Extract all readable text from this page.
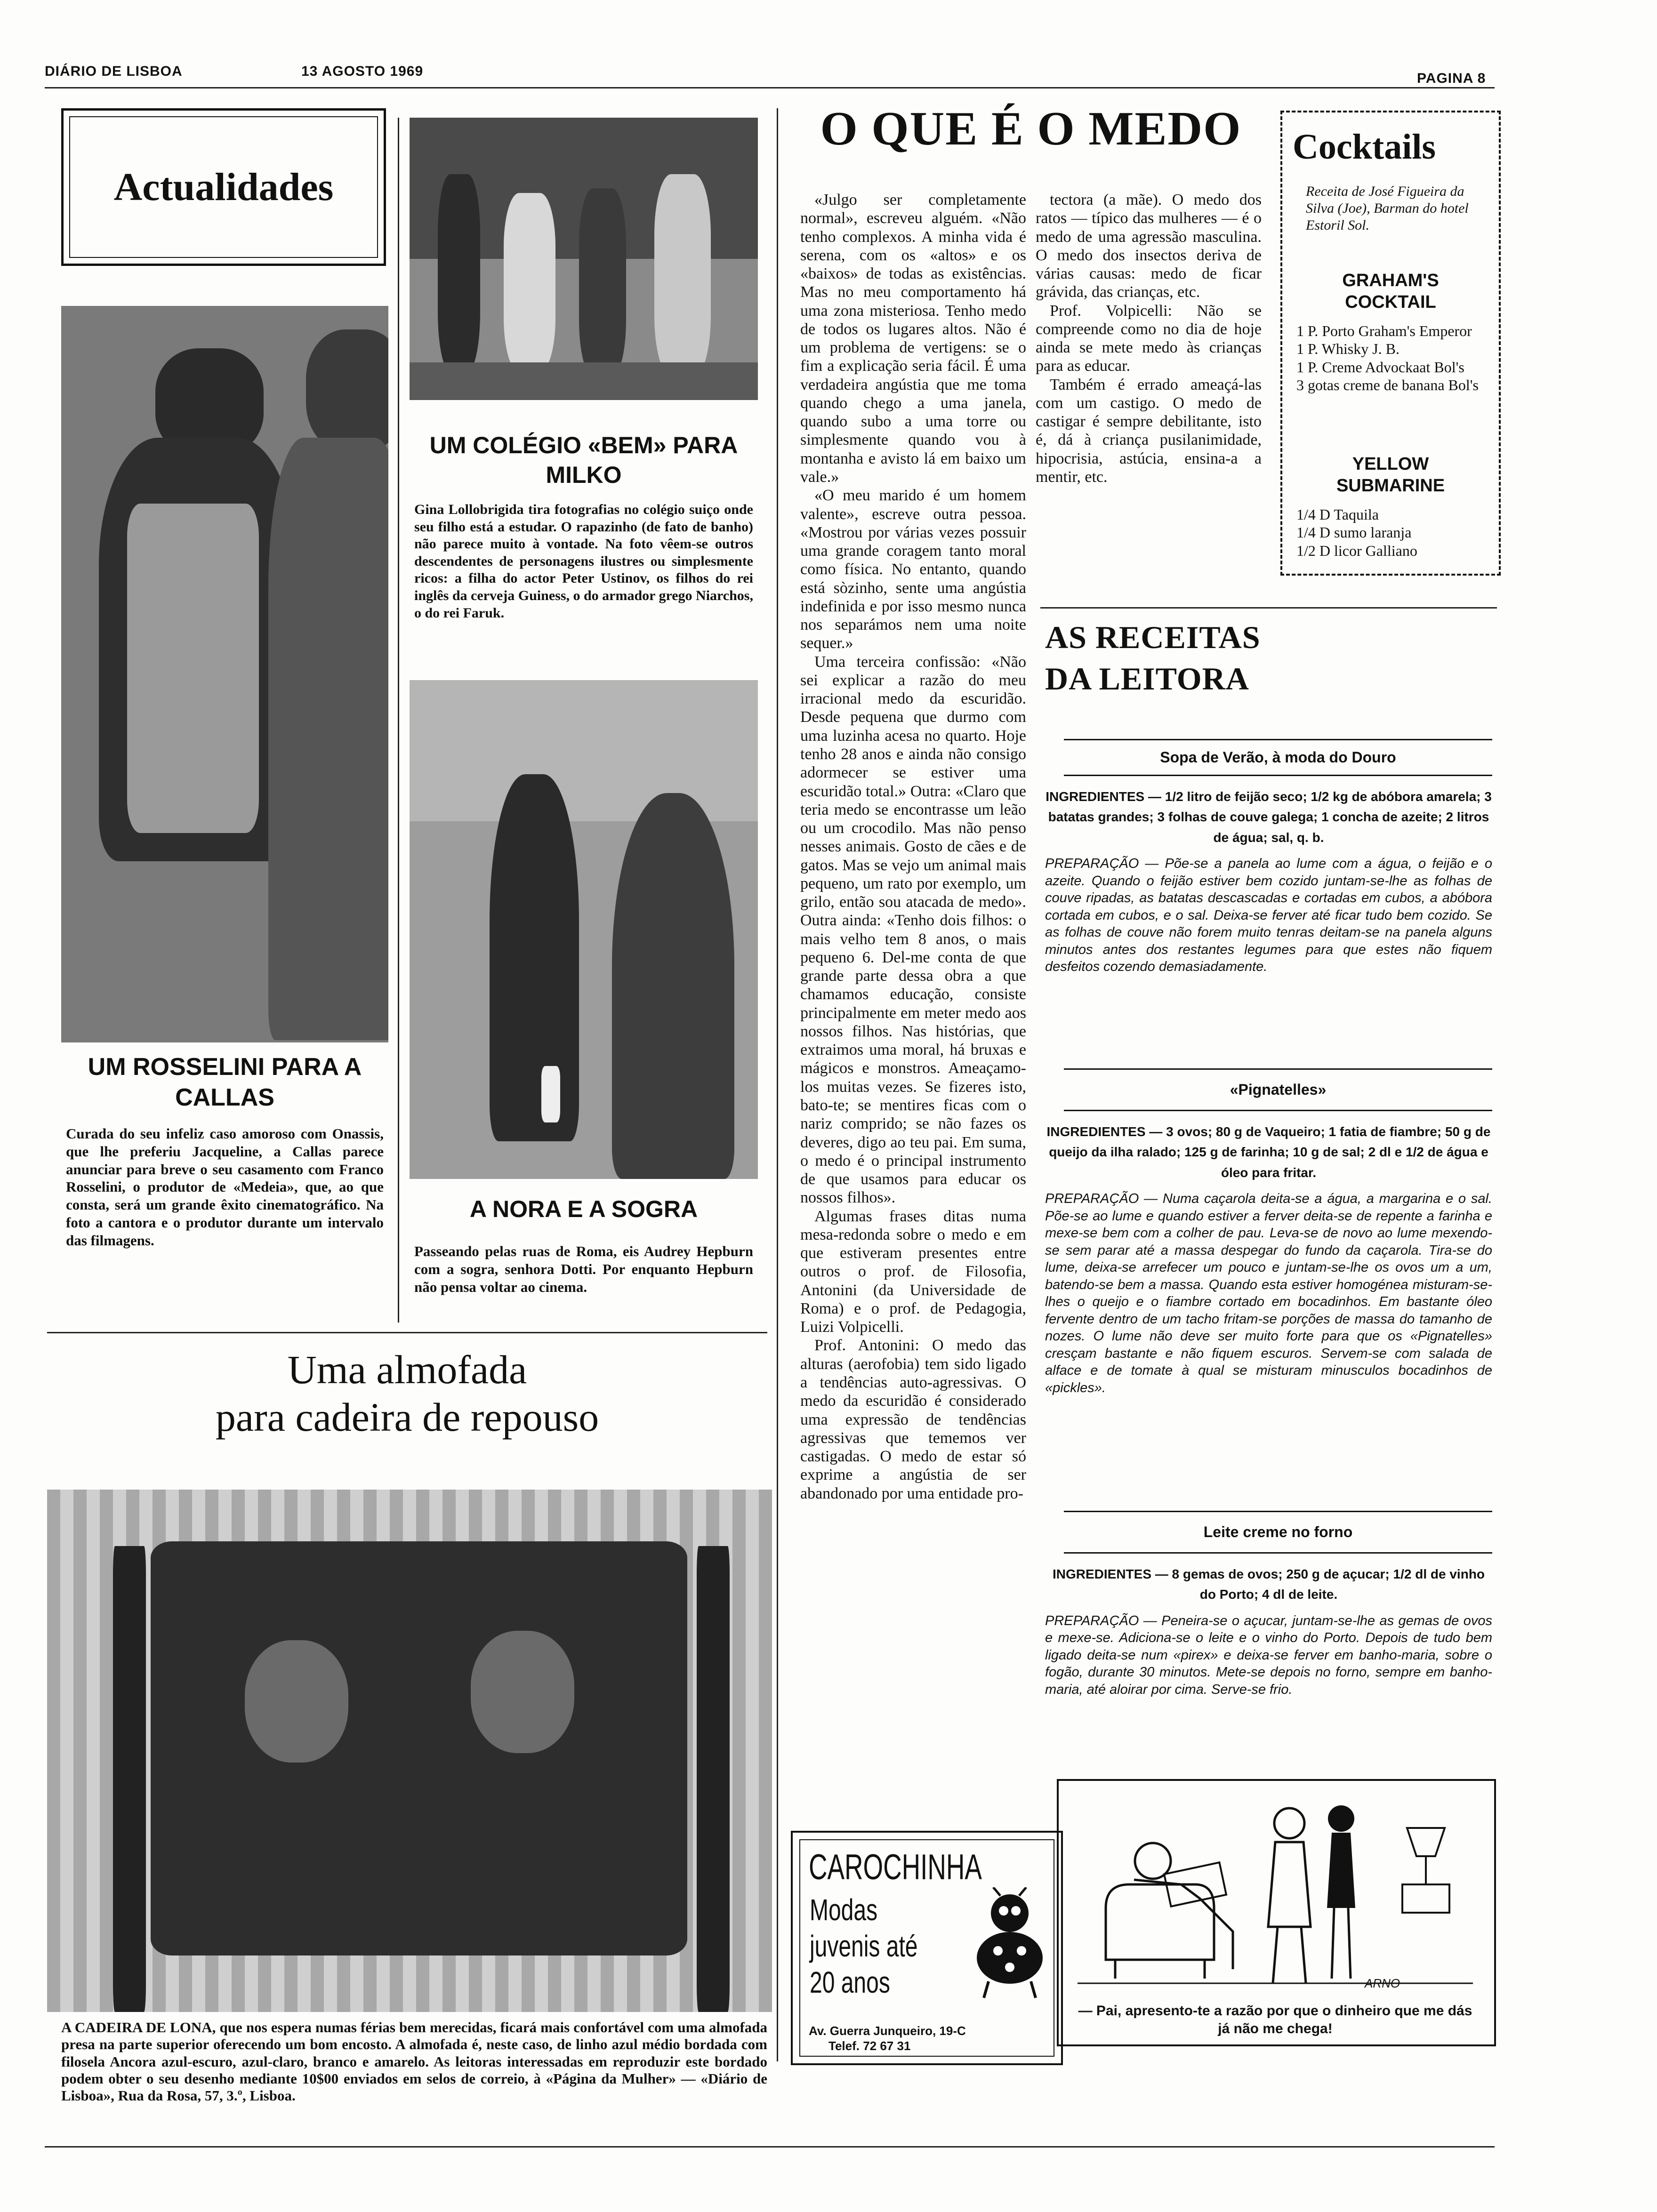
DIÁRIO DE LISBOA	13 AGOSTO 1969	PAGINA 8
Actualidades
UM ROSSELINI PARA A CALLAS
Curada do seu infeliz caso amoroso com Onassis, que lhe preferiu Jacqueline, a Callas parece anunciar para breve o seu casamento com Franco Rosselini, o produtor de «Medeia», que, ao que consta, será um grande êxito cinematográfico. Na foto a cantora e o produtor durante um intervalo das filmagens.
UM COLÉGIO «BEM» PARA MILKO
Gina Lollobrigida tira fotografias no colégio suiço onde seu filho está a estudar. O rapazinho (de fato de banho) não parece muito à vontade. Na foto vêem-se outros descendentes de personagens ilustres ou simplesmente ricos: a filha do actor Peter Ustinov, os filhos do rei inglês da cerveja Guiness, o do armador grego Niarchos, o do rei Faruk.
A NORA E A SOGRA
Passeando pelas ruas de Roma, eis Audrey Hepburn com a sogra, senhora Dotti. Por enquanto Hepburn não pensa voltar ao cinema.
Uma almofada
para cadeira de repouso
A CADEIRA DE LONA, que nos espera numas férias bem merecidas, ficará mais confortável com uma almofada presa na parte superior oferecendo um bom encosto. A almofada é, neste caso, de linho azul médio bordada com filosela Ancora azul-escuro, azul-claro, branco e amarelo. As leitoras interessadas em reproduzir este bordado podem obter o seu desenho mediante 10$00 enviados em selos de correio, à «Página da Mulher» — «Diário de Lisboa», Rua da Rosa, 57, 3.º, Lisboa.
O QUE É O MEDO

«Julgo ser completamente normal», escreveu alguém. «Não tenho complexos. A minha vida é serena, com os «altos» e os «baixos» de todas as existências. Mas no meu comportamento há uma zona misteriosa. Tenho medo de todos os lugares altos. Não é um problema de vertigens: se o fim a explicação seria fácil. É uma verdadeira angústia que me toma quando chego a uma janela, quando subo a uma torre ou simplesmente quando vou à montanha e avisto lá em baixo um vale.»

«O meu marido é um homem valente», escreve outra pessoa. «Mostrou por várias vezes possuir uma grande coragem tanto moral como física. No entanto, quando está sòzinho, sente uma angústia indefinida e por isso mesmo nunca nos separámos nem uma noite sequer.»

Uma terceira confissão: «Não sei explicar a razão do meu irracional medo da escuridão. Desde pequena que durmo com uma luzinha acesa no quarto. Hoje tenho 28 anos e ainda não consigo adormecer se estiver uma escuridão total.» Outra: «Claro que teria medo se encontrasse um leão ou um crocodilo. Mas não penso nesses animais. Gosto de cães e de gatos. Mas se vejo um animal mais pequeno, um rato por exemplo, um grilo, então sou atacada de medo». Outra ainda: «Tenho dois filhos: o mais velho tem 8 anos, o mais pequeno 6. Del-me conta de que grande parte dessa obra a que chamamos educação, consiste principalmente em meter medo aos nossos filhos. Nas histórias, que extraimos uma moral, há bruxas e mágicos e monstros. Ameaçamo-los muitas vezes. Se fizeres isto, bato-te; se mentires ficas com o nariz comprido; se não fazes os deveres, digo ao teu pai. Em suma, o medo é o principal instrumento de que usamos para educar os nossos filhos».

Algumas frases ditas numa mesa-redonda sobre o medo e em que estiveram presentes entre outros o prof. de Filosofia, Antonini (da Universidade de Roma) e o prof. de Pedagogia, Luizi Volpicelli.

Prof. Antonini: O medo das alturas (aerofobia) tem sido ligado a tendências auto-agressivas. O medo da escuridão é considerado uma expressão de tendências agressivas que tememos ver castigadas. O medo de estar só exprime a angústia de ser abandonado por uma entidade pro-

tectora (a mãe). O medo dos ratos — típico das mulheres — é o medo de uma agressão masculina. O medo dos insectos deriva de várias causas: medo de ficar grávida, das crianças, etc.

Prof. Volpicelli: Não se compreende como no dia de hoje ainda se mete medo às crianças para as educar.

Também é errado ameaçá-las com um castigo. O medo de castigar é sempre debilitante, isto é, dá à criança pusilanimidade, hipocrisia, astúcia, ensina-a a mentir, etc.

CAROCHINHA
Modas
juvenis até
20 anos
Av. Guerra Junqueiro, 19-C
Telef. 72 67 31
Cocktails
Receita de José Figueira da Silva (Joe), Barman do hotel Estoril Sol.
GRAHAM'S
COCKTAIL
1 P. Porto Graham's Emperor
1 P. Whisky J. B.
1 P. Creme Advockaat Bol's
3 gotas creme de banana Bol's
YELLOW
SUBMARINE
1/4 D Taquila
1/4 D sumo laranja
1/2 D licor Galliano
AS RECEITAS
DA LEITORA
Sopa de Verão, à moda do Douro
INGREDIENTES — 1/2 litro de feijão seco; 1/2 kg de abóbora amarela; 3 batatas grandes; 3 folhas de couve galega; 1 concha de azeite; 2 litros de água; sal, q. b.
PREPARAÇÃO — Põe-se a panela ao lume com a água, o feijão e o azeite. Quando o feijão estiver bem cozido juntam-se-lhe as folhas de couve ripadas, as batatas descascadas e cortadas em cubos, a abóbora cortada em cubos, e o sal. Deixa-se ferver até ficar tudo bem cozido. Se as folhas de couve não forem muito tenras deitam-se na panela alguns minutos antes dos restantes legumes para que estes não fiquem desfeitos cozendo demasiadamente.
«Pignatelles»
INGREDIENTES — 3 ovos; 80 g de Vaqueiro; 1 fatia de fiambre; 50 g de queijo da ilha ralado; 125 g de farinha; 10 g de sal; 2 dl e 1/2 de água e óleo para fritar.
PREPARAÇÃO — Numa caçarola deita-se a água, a margarina e o sal. Põe-se ao lume e quando estiver a ferver deita-se de repente a farinha e mexe-se bem com a colher de pau. Leva-se de novo ao lume mexendo-se sem parar até a massa despegar do fundo da caçarola. Tira-se do lume, deixa-se arrefecer um pouco e juntam-se-lhe os ovos um a um, batendo-se bem a massa. Quando esta estiver homogénea misturam-se-lhes o queijo e o fiambre cortado em bocadinhos. Em bastante óleo fervente dentro de um tacho fritam-se porções de massa do tamanho de nozes. O lume não deve ser muito forte para que os «Pignatelles» cresçam bastante e não fiquem escuros. Servem-se com salada de alface e de tomate à qual se misturam minusculos bocadinhos de «pickles».
Leite creme no forno
INGREDIENTES — 8 gemas de ovos; 250 g de açucar; 1/2 dl de vinho do Porto; 4 dl de leite.
PREPARAÇÃO — Peneira-se o açucar, juntam-se-lhe as gemas de ovos e mexe-se. Adiciona-se o leite e o vinho do Porto. Depois de tudo bem ligado deita-se num «pirex» e deixa-se ferver em banho-maria, sobre o fogão, durante 30 minutos. Mete-se depois no forno, sempre em banho-maria, até aloirar por cima. Serve-se frio.
ARNO
— Pai, apresento-te a razão por que o dinheiro que me dás já não me chega!
